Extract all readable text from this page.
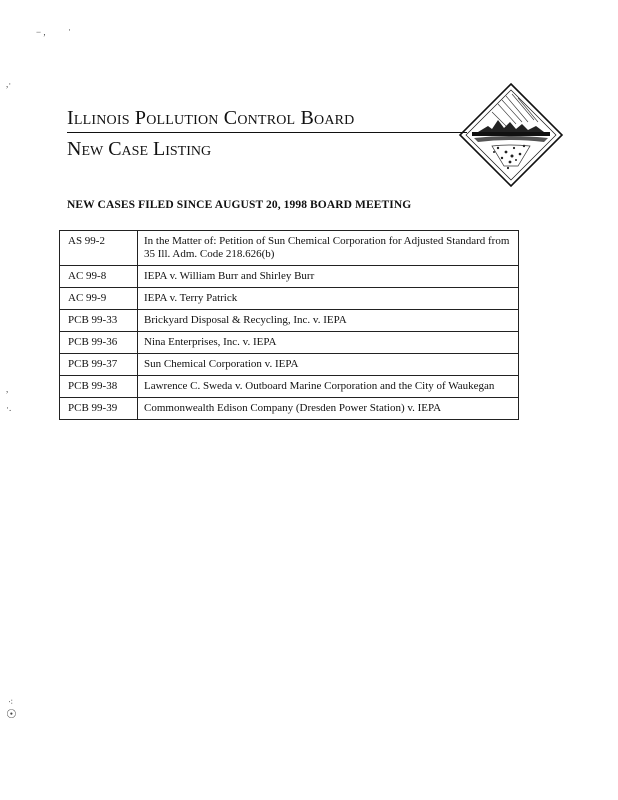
− , ·
,·
,
·.
⁖
☉
Illinois Pollution Control Board
New Case Listing
NEW CASES FILED SINCE AUGUST 20, 1998 BOARD MEETING
AS 99-2	In the Matter of: Petition of Sun Chemical Corporation for Adjusted Standard from 35 Ill. Adm. Code 218.626(b)
AC 99-8	IEPA v. William Burr and Shirley Burr
AC 99-9	IEPA v. Terry Patrick
PCB 99-33	Brickyard Disposal & Recycling, Inc. v. IEPA
PCB 99-36	Nina Enterprises, Inc. v. IEPA
PCB 99-37	Sun Chemical Corporation v. IEPA
PCB 99-38	Lawrence C. Sweda v. Outboard Marine Corporation and the City of Waukegan
PCB 99-39	Commonwealth Edison Company (Dresden Power Station) v. IEPA
